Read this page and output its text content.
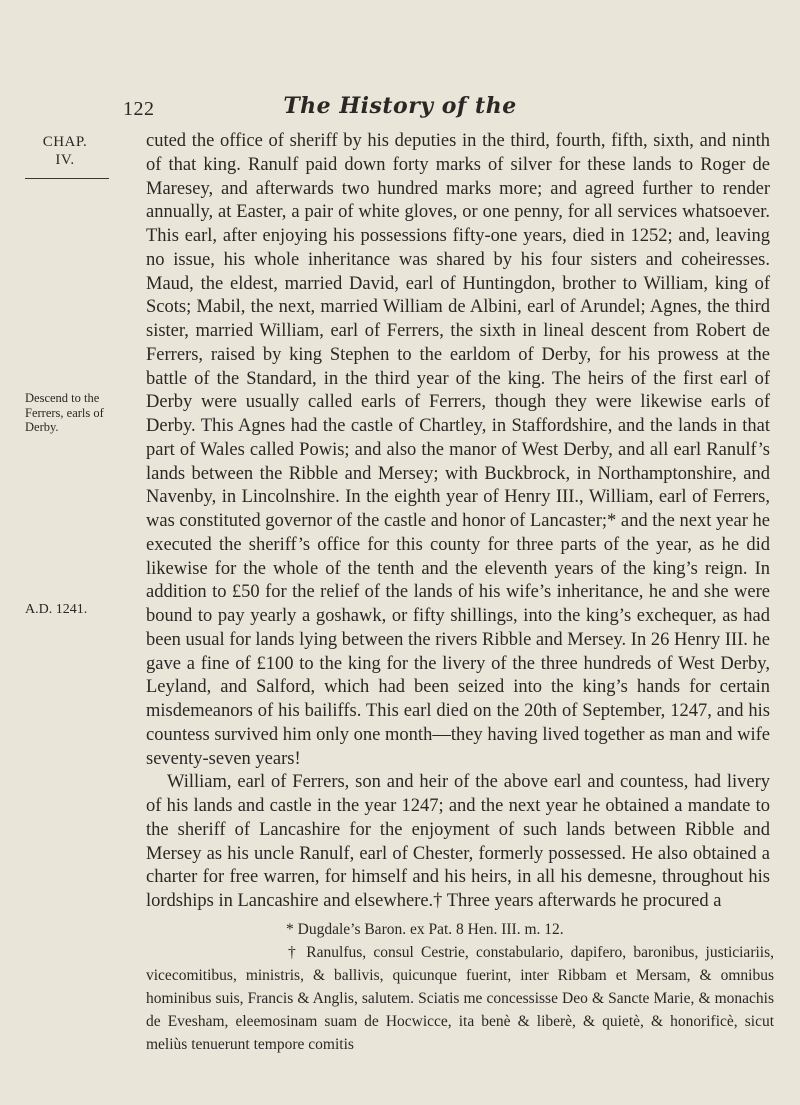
122	The History of the
CHAP.
IV.
Descend to the Ferrers, earls of Derby.
A.D. 1241.

cuted the office of sheriff by his deputies in the third, fourth, fifth, sixth, and ninth of that king. Ranulf paid down forty marks of silver for these lands to Roger de Maresey, and afterwards two hundred marks more; and agreed further to render annually, at Easter, a pair of white gloves, or one penny, for all services whatsoever. This earl, after enjoying his possessions fifty-one years, died in 1252; and, leaving no issue, his whole inheritance was shared by his four sisters and coheiresses. Maud, the eldest, married David, earl of Huntingdon, brother to William, king of Scots; Mabil, the next, married William de Albini, earl of Arundel; Agnes, the third sister, married William, earl of Ferrers, the sixth in lineal descent from Robert de Ferrers, raised by king Stephen to the earldom of Derby, for his prowess at the battle of the Standard, in the third year of the king. The heirs of the first earl of Derby were usually called earls of Ferrers, though they were likewise earls of Derby. This Agnes had the castle of Chartley, in Staffordshire, and the lands in that part of Wales called Powis; and also the manor of West Derby, and all earl Ranulf’s lands between the Ribble and Mersey; with Buckbrock, in Northamptonshire, and Navenby, in Lincolnshire. In the eighth year of Henry III., William, earl of Ferrers, was constituted governor of the castle and honor of Lancaster;* and the next year he executed the sheriff’s office for this county for three parts of the year, as he did likewise for the whole of the tenth and the eleventh years of the king’s reign. In addition to £50 for the relief of the lands of his wife’s inheritance, he and she were bound to pay yearly a goshawk, or fifty shillings, into the king’s exchequer, as had been usual for lands lying between the rivers Ribble and Mersey. In 26 Henry III. he gave a fine of £100 to the king for the livery of the three hundreds of West Derby, Leyland, and Salford, which had been seized into the king’s hands for certain misdemeanors of his bailiffs. This earl died on the 20th of September, 1247, and his countess survived him only one month—they having lived together as man and wife seventy-seven years!

William, earl of Ferrers, son and heir of the above earl and countess, had livery of his lands and castle in the year 1247; and the next year he obtained a mandate to the sheriff of Lancashire for the enjoyment of such lands between Ribble and Mersey as his uncle Ranulf, earl of Chester, formerly possessed. He also obtained a charter for free warren, for himself and his heirs, in all his demesne, throughout his lordships in Lancashire and elsewhere.† Three years afterwards he procured a

* Dugdale’s Baron. ex Pat. 8 Hen. III. m. 12.

† Ranulfus, consul Cestrie, constabulario, dapifero, baronibus, justiciariis, vicecomitibus, ministris, & ballivis, quicunque fuerint, inter Ribbam et Mersam, & omnibus hominibus suis, Francis & Anglis, salutem. Sciatis me concessisse Deo & Sancte Marie, & monachis de Evesham, eleemosinam suam de Hocwicce, ita benè & liberè, & quietè, & honorificè, sicut meliùs tenuerunt tempore comitis
